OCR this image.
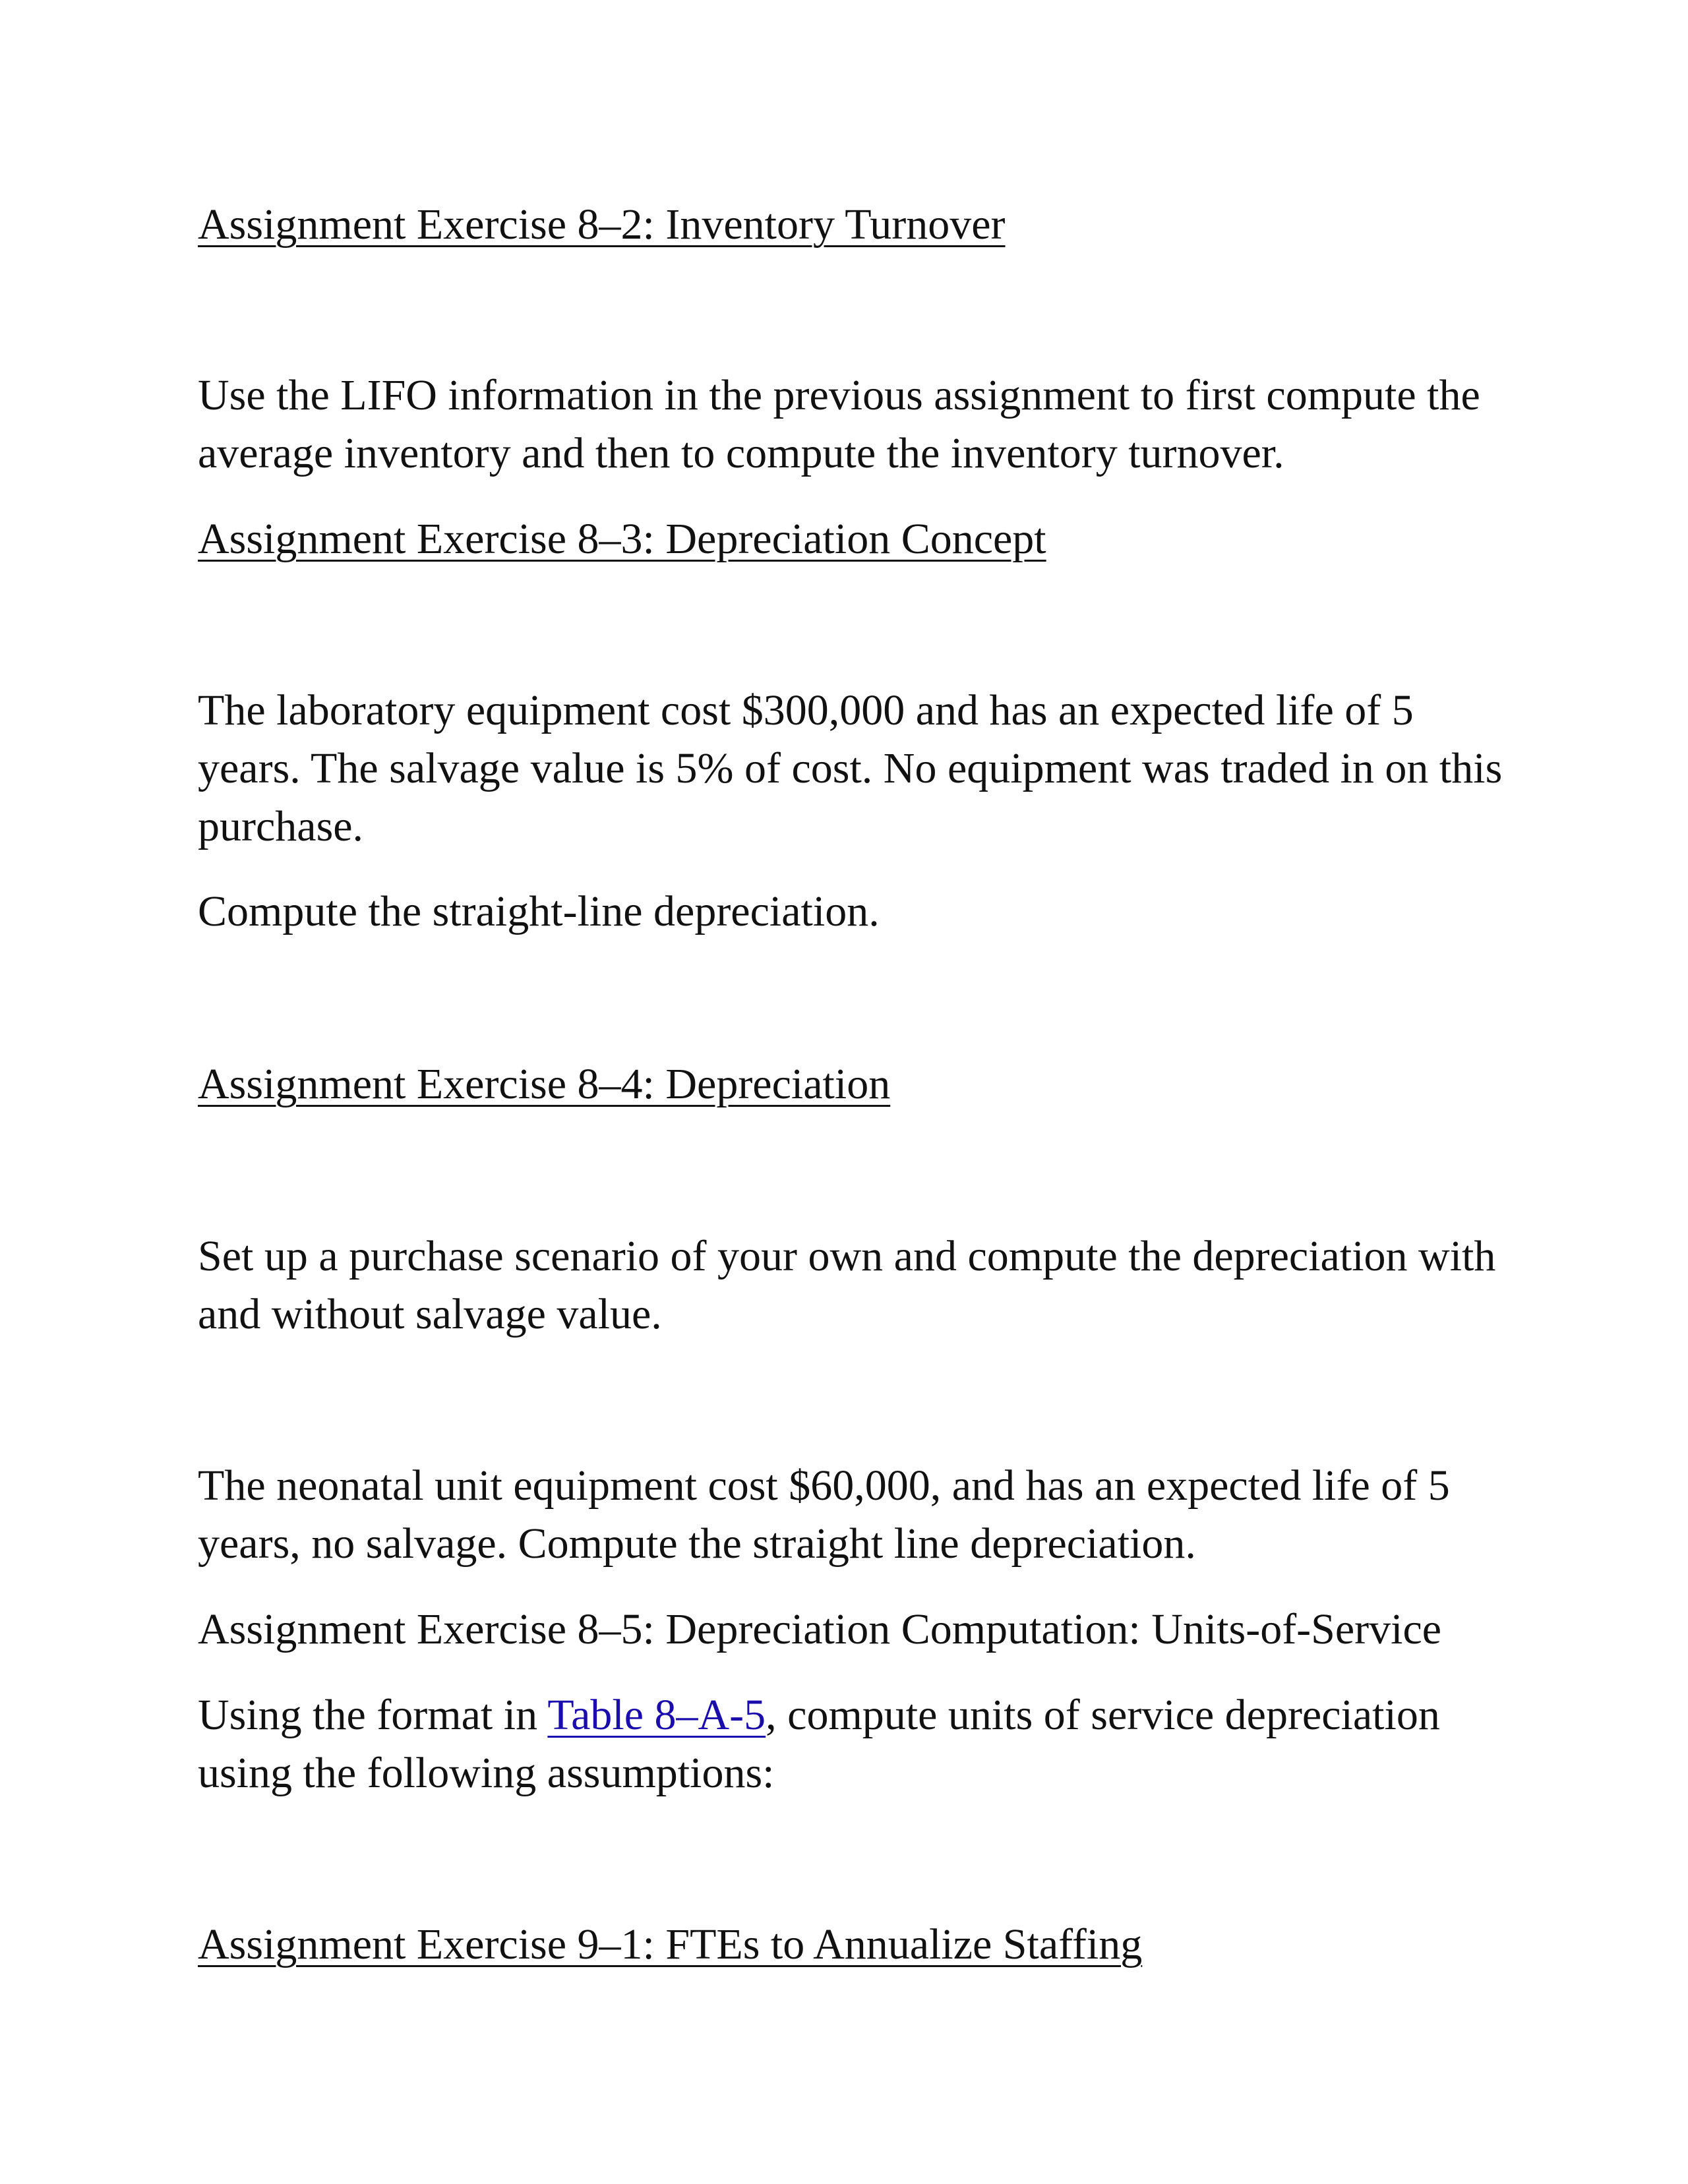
Assignment Exercise 8–2: Inventory Turnover

Use the LIFO information in the previous assignment to first compute the average inventory and then to compute the inventory turnover.

Assignment Exercise 8–3: Depreciation Concept

The laboratory equipment cost $300,000 and has an expected life of 5 years. The salvage value is 5% of cost. No equipment was traded in on this purchase.

Compute the straight-line depreciation.

Assignment Exercise 8–4: Depreciation

Set up a purchase scenario of your own and compute the depreciation with and without salvage value.

The neonatal unit equipment cost $60,000, and has an expected life of 5 years, no salvage. Compute the straight line depreciation.

Assignment Exercise 8–5: Depreciation Computation: Units-of-Service

Using the format in Table 8–A-5, compute units of service depreciation using the following assumptions:

Assignment Exercise 9–1: FTEs to Annualize Staffing
